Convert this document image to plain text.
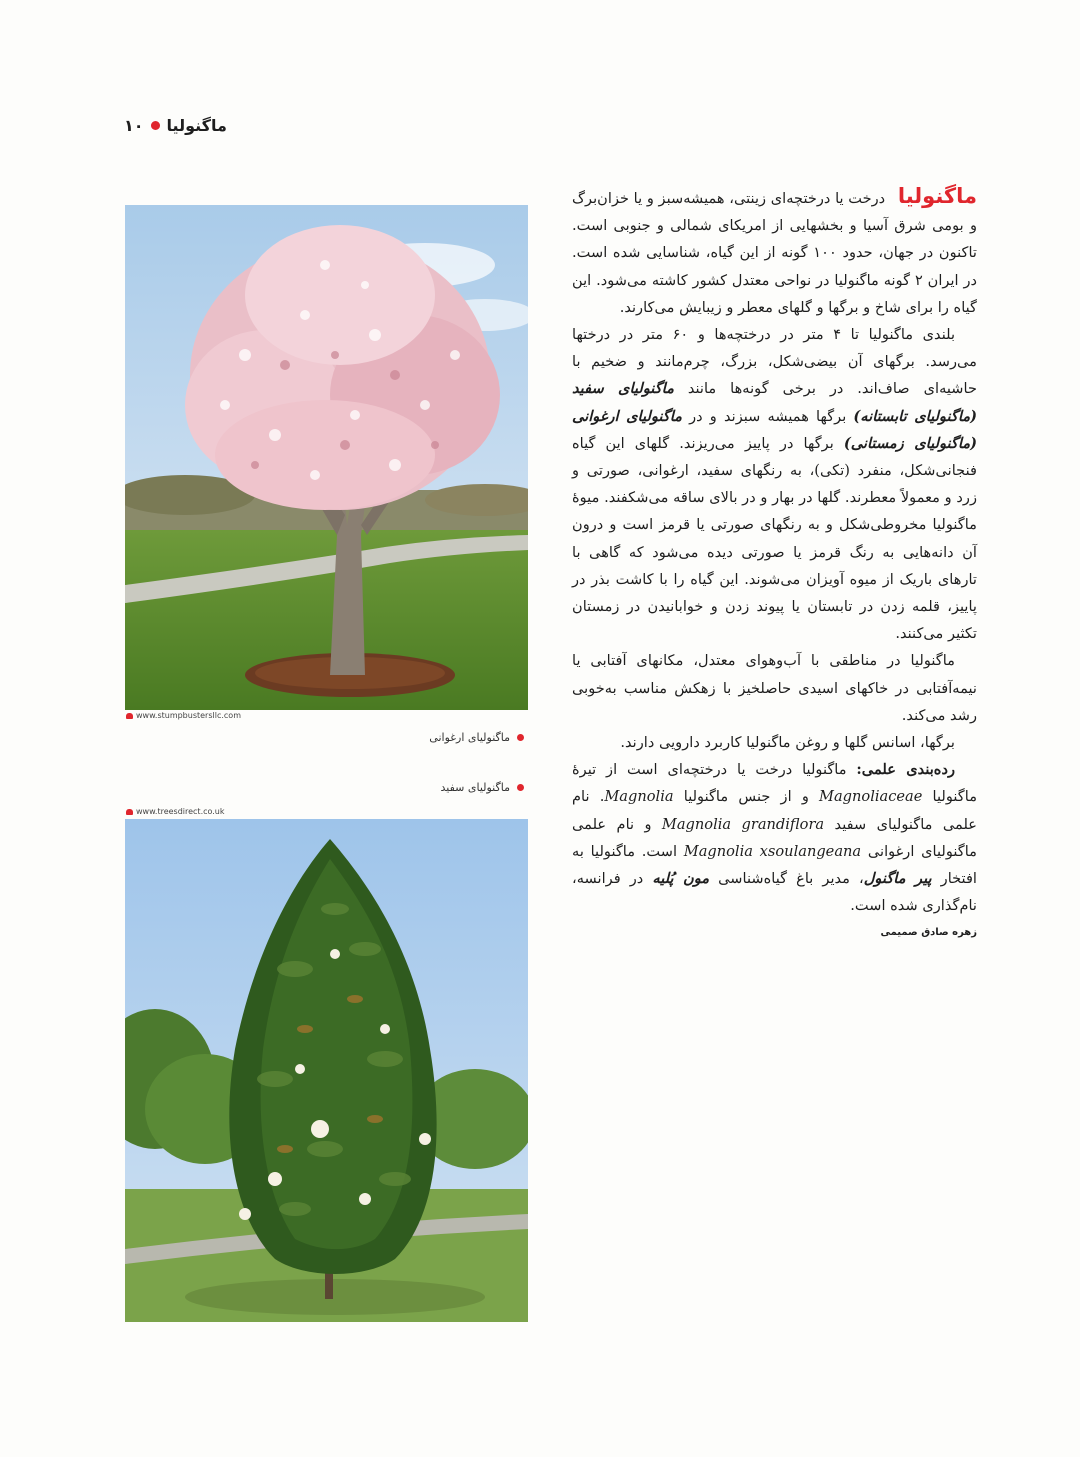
۱۰ ماگنولیا
www.stumpbustersllc.com
ماگنولیای ارغوانی
ماگنولیای سفید
www.treesdirect.co.uk

ماگنولیا درخت یا درختچه‌ای زینتی، همیشه‌سبز و یا خزان‌برگ و بومی شرق آسیا و بخشهایی از امریکای شمالی و جنوبی است. تاکنون در جهان، حدود ۱۰۰ گونه از این گیاه، شناسایی شده است. در ایران ۲ گونه ماگنولیا در نواحی معتدل کشور کاشته می‌شود. این گیاه را برای شاخ و برگها و گلهای معطر و زیبایش می‌کارند.

بلندی ماگنولیا تا ۴ متر در درختچه‌ها و ۶۰ متر در درختها می‌رسد. برگهای آن بیضی‌شکل، بزرگ، چرم‌مانند و ضخیم با حاشیه‌ای صاف‌اند. در برخی گونه‌ها مانند ماگنولیای سفید (ماگنولیای تابستانه) برگها همیشه سبزند و در ماگنولیای ارغوانی (ماگنولیای زمستانی) برگها در پاییز می‌ریزند. گلهای این گیاه فنجانی‌شکل، منفرد (تکی)، به رنگهای سفید، ارغوانی، صورتی و زرد و معمولاً معطرند. گلها در بهار و در بالای ساقه می‌شکفند. میوهٔ ماگنولیا مخروطی‌شکل و به رنگهای صورتی یا قرمز است و درون آن دانه‌هایی به رنگ قرمز یا صورتی دیده می‌شود که گاهی با تارهای باریک از میوه آویزان می‌شوند. این گیاه را با کاشت بذر در پاییز، قلمه زدن در تابستان یا پیوند زدن و خوابانیدن در زمستان تکثیر می‌کنند.

ماگنولیا در مناطقی با آب‌وهوای معتدل، مکانهای آفتابی یا نیمه‌آفتابی در خاکهای اسیدی حاصلخیز با زهکش مناسب به‌خوبی رشد می‌کند.

برگها، اسانس گلها و روغن ماگنولیا کاربرد دارویی دارند.

رده‌بندی علمی: ماگنولیا درخت یا درختچه‌ای است از تیرهٔ ماگنولیا Magnoliaceae و از جنس ماگنولیا Magnolia. نام علمی ماگنولیای سفید Magnolia grandiflora و نام علمی ماگنولیای ارغوانی Magnolia xsoulangeana است. ماگنولیا به افتخار پیر ماگنول، مدیر باغ گیاه‌شناسی مون پُلیه در فرانسه، نام‌گذاری شده است.

زهره صادق صمیمی
